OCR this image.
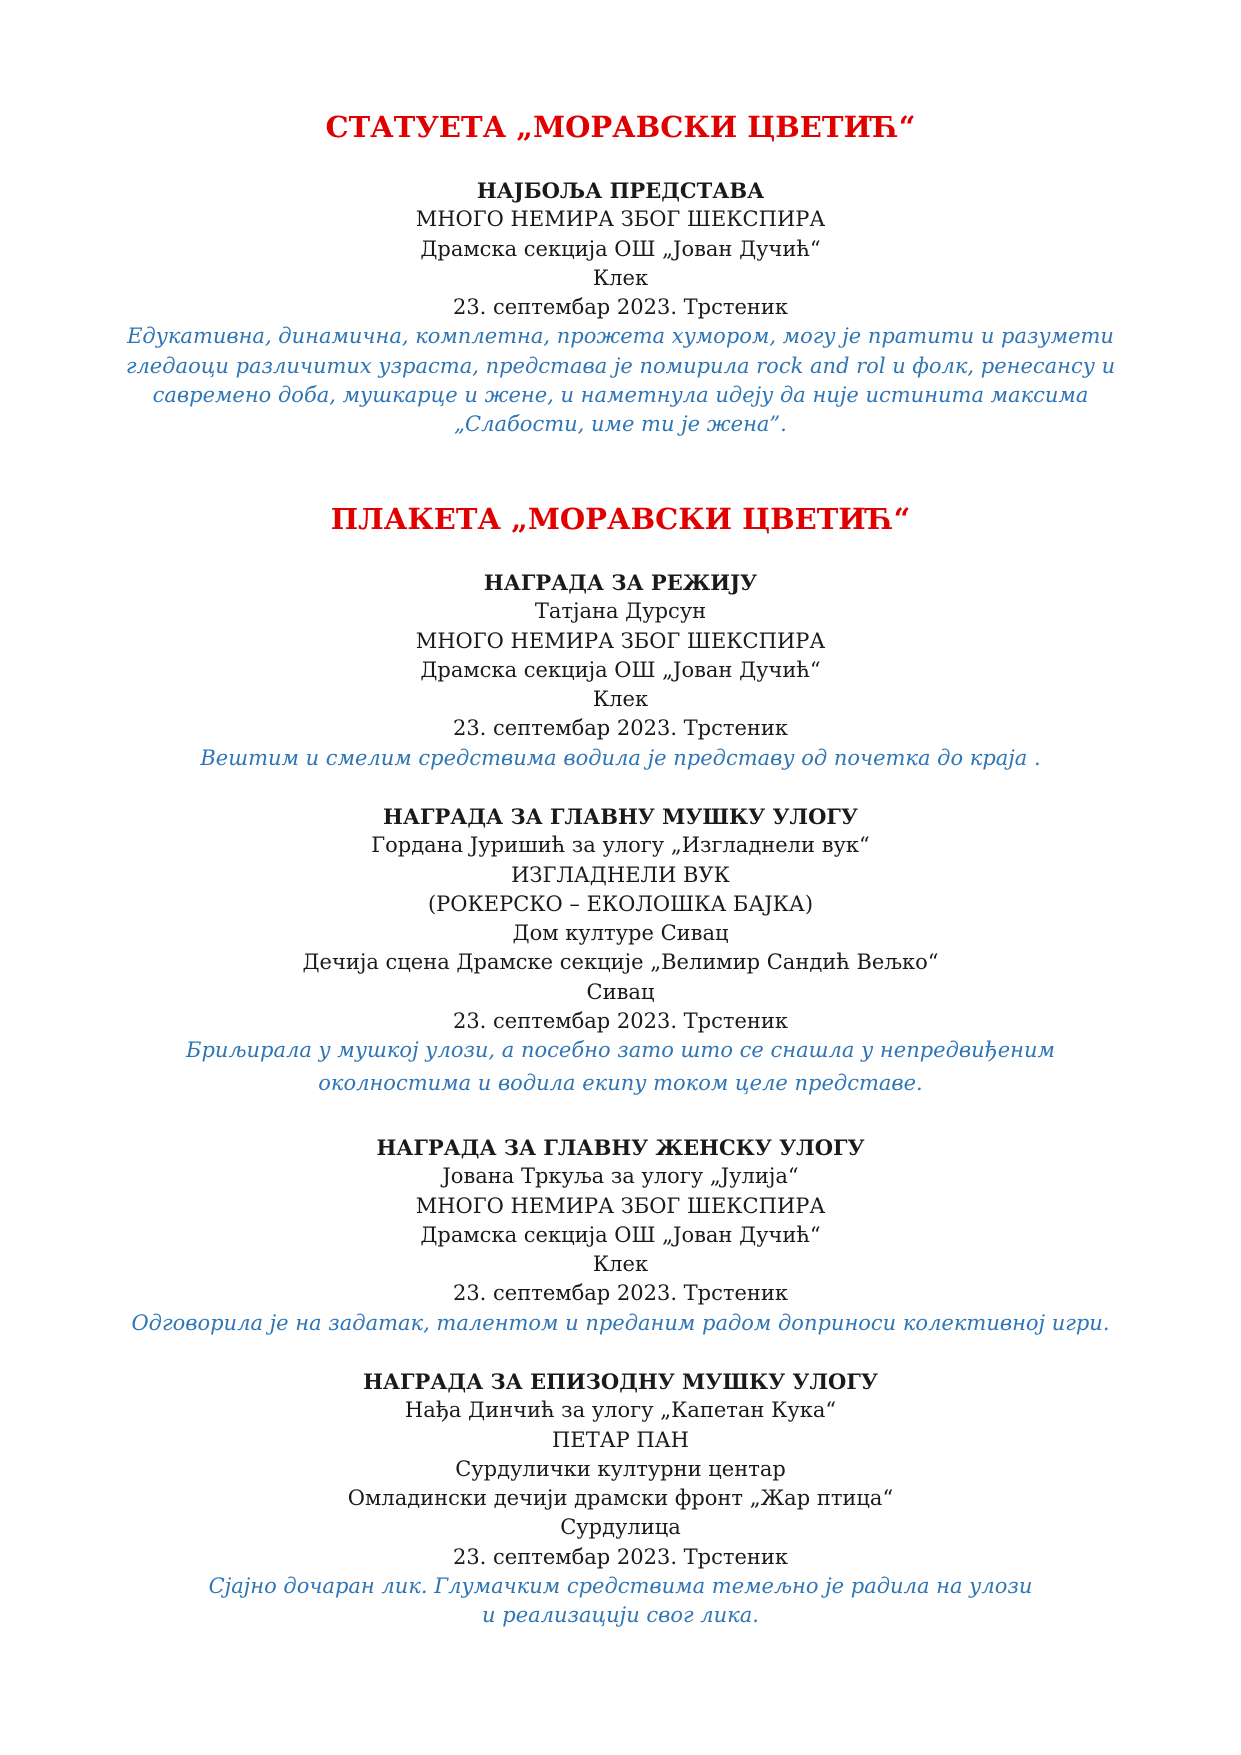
СТАТУЕТА „МОРАВСКИ ЦВЕТИЋ“
НАЈБОЉА ПРЕДСТАВА
МНОГО НЕМИРА ЗБОГ ШЕКСПИРА
Драмска секција ОШ „Јован Дучић“
Клек
23. септембар 2023. Трстеник
Едукативна, динамична, комплетна, прожета хумором, могу је пратити и разумети
гледаоци различитих узраста, представа је помирила rock and rol и фолк, ренесансу и
савремено доба, мушкарце и жене, и наметнула идеју да није истинита максима
„Слабости, име ти је жена”.
ПЛАКЕТА „МОРАВСКИ ЦВЕТИЋ“
НАГРАДА ЗА РЕЖИЈУ
Татјана Дурсун
МНОГО НЕМИРА ЗБОГ ШЕКСПИРА
Драмска секција ОШ „Јован Дучић“
Клек
23. септембар 2023. Трстеник
Вештим и смелим средствима водила је представу од почетка до краја .
НАГРАДА ЗА ГЛАВНУ МУШКУ УЛОГУ
Гордана Јуришић за улогу „Изгладнели вук“
ИЗГЛАДНЕЛИ ВУК
(РОКЕРСКО – ЕКОЛОШКА БАЈКА)
Дом културе Сивац
Дечија сцена Драмске секције „Велимир Сандић Вељко“
Сивац
23. септембар 2023. Трстеник
Бриљирала у мушкој улози, а посебно зато што се снашла у непредвиђеним
околностима и водила екипу током целе представе.
НАГРАДА ЗА ГЛАВНУ ЖЕНСКУ УЛОГУ
Јована Тркуља за улогу „Јулија“
МНОГО НЕМИРА ЗБОГ ШЕКСПИРА
Драмска секција ОШ „Јован Дучић“
Клек
23. септембар 2023. Трстеник
Одговорила је на задатак, талентом и преданим радом доприноси колективној игри.
НАГРАДА ЗА ЕПИЗОДНУ МУШКУ УЛОГУ
Нађа Динчић за улогу „Капетан Кука“
ПЕТАР ПАН
Сурдулички културни центар
Омладински дечији драмски фронт „Жар птица“
Сурдулица
23. септембар 2023. Трстеник
Сјајно дочаран лик. Глумачким средствима темељно је радила на улози
и реализацији свог лика.
